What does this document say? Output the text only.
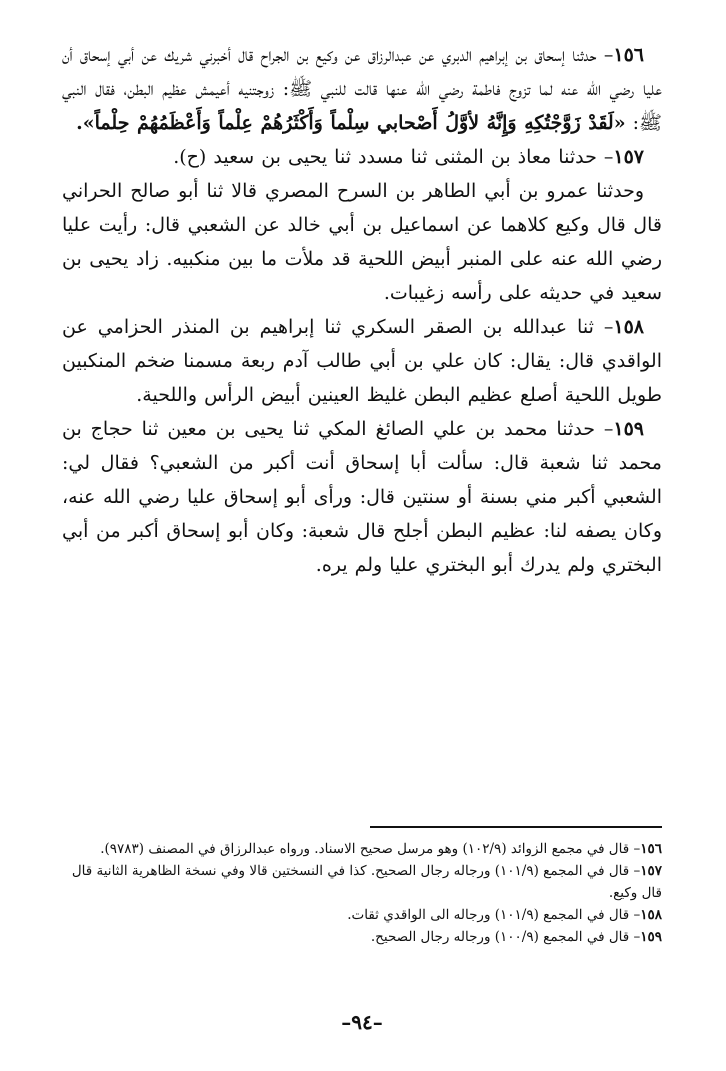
١٥٦– حدثنا إسحاق بن إبراهيم الدبري عن عبدالرزاق عن وكيع بن الجراح قال أخبرني شريك عن أبي إسحاق أن عليا رضي الله عنه لما تزوج فاطمة رضي الله عنها قالت للنبي ﷺ: زوجتنيه أعيمش عظيم البطن، فقال النبي ﷺ: «لَقَدْ زَوَّجْتُكِهِ وَإِنَّهُ لأوَّلُ أَصْحابي سِلْماً وَأَكْثَرُهُمْ عِلْماً وَأَعْظَمُهُمْ حِلْماً».

١٥٧– حدثنا معاذ بن المثنى ثنا مسدد ثنا يحيى بن سعيد (ح).

وحدثنا عمرو بن أبي الطاهر بن السرح المصري قالا ثنا أبو صالح الحراني قال قال وكيع كلاهما عن اسماعيل بن أبي خالد عن الشعبي قال: رأيت عليا رضي الله عنه على المنبر أبيض اللحية قد ملأت ما بين منكبيه. زاد يحيى بن سعيد في حديثه على رأسه زغيبات.

١٥٨– ثنا عبدالله بن الصقر السكري ثنا إبراهيم بن المنذر الحزامي عن الواقدي قال: يقال: كان علي بن أبي طالب آدم ربعة مسمنا ضخم المنكبين طويل اللحية أصلع عظيم البطن غليظ العينين أبيض الرأس واللحية.

١٥٩– حدثنا محمد بن علي الصائغ المكي ثنا يحيى بن معين ثنا حجاج بن محمد ثنا شعبة قال: سألت أبا إسحاق أنت أكبر من الشعبي؟ فقال لي: الشعبي أكبر مني بسنة أو سنتين قال: ورأى أبو إسحاق عليا رضي الله عنه، وكان يصفه لنا: عظيم البطن أجلح قال شعبة: وكان أبو إسحاق أكبر من أبي البختري ولم يدرك أبو البختري عليا ولم يره.

١٥٦– قال في مجمع الزوائد (١٠٢/٩) وهو مرسل صحيح الاسناد. ورواه عبدالرزاق في المصنف (٩٧٨٣).

١٥٧– قال في المجمع (١٠١/٩) ورجاله رجال الصحيح. كذا في النسختين قالا وفي نسخة الظاهرية الثانية قال قال وكيع.

١٥٨– قال في المجمع (١٠١/٩) ورجاله الى الواقدي ثقات.

١٥٩– قال في المجمع (١٠٠/٩) ورجاله رجال الصحيح.

–٩٤–
